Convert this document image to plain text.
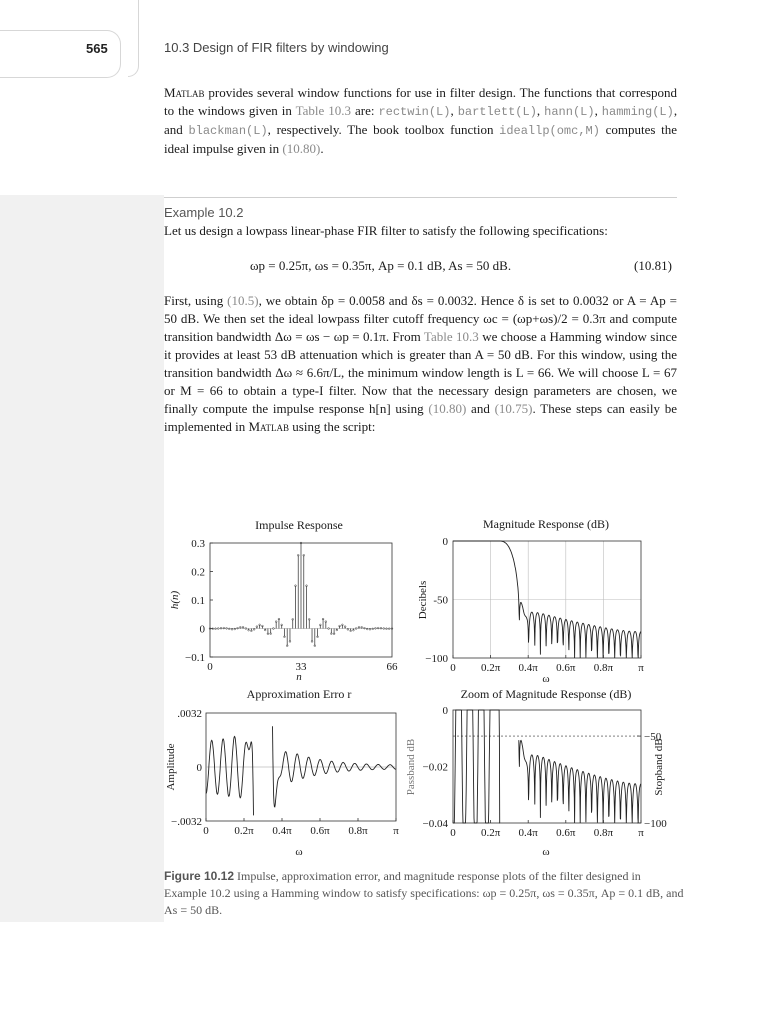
565	10.3 Design of FIR filters by windowing
Matlab provides several window functions for use in filter design. The functions that correspond to the windows given in Table 10.3 are: rectwin(L), bartlett(L), hann(L), hamming(L), and blackman(L), respectively. The book toolbox function ideallp(omc,M) computes the ideal impulse given in (10.80).
Example 10.2
Let us design a lowpass linear-phase FIR filter to satisfy the following specifications:
ωp = 0.25π, ωs = 0.35π, Ap = 0.1 dB, As = 50 dB.	(10.81)
First, using (10.5), we obtain δp = 0.0058 and δs = 0.0032. Hence δ is set to 0.0032 or A = Ap = 50 dB. We then set the ideal lowpass filter cutoff frequency ωc = (ωp+ωs)/2 = 0.3π and compute transition bandwidth Δω = ωs − ωp = 0.1π. From Table 10.3 we choose a Hamming window since it provides at least 53 dB attenuation which is greater than A = 50 dB. For this window, using the transition bandwidth Δω ≈ 6.6π/L, the minimum window length is L = 66. We will choose L = 67 or M = 66 to obtain a type-I filter. Now that the necessary design parameters are chosen, we finally compute the impulse response h[n] using (10.80) and (10.75). These steps can easily be implemented in Matlab using the script:
Impulse Response
0.3
0.2
0.1
0
−0.1
0	33	66
h(n)
n
Magnitude Response (dB)
0
-50
−100
0 0.2π 0.4π 0.6π 0.8π π
Decibels
ω
Approximation Erro r
.0032
0
−.0032
0 0.2π 0.4π 0.6π 0.8π π
Amplitude
ω
Zoom of Magnitude Response (dB)
0
−0.02
−0.04
−50
−100
0 0.2π 0.4π 0.6π 0.8π π
Passband dB	Stopband dB
ω
Figure 10.12 Impulse, approximation error, and magnitude response plots of the filter designed in Example 10.2 using a Hamming window to satisfy specifications: ωp = 0.25π, ωs = 0.35π, Ap = 0.1 dB, and As = 50 dB.
